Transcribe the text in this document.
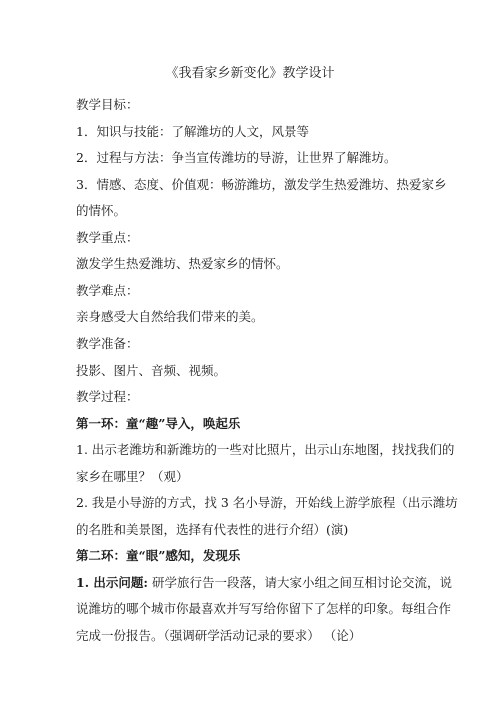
《我看家乡新变化》教学设计
教学目标：
1．知识与技能：了解潍坊的人文，风景等
2．过程与方法：争当宣传潍坊的导游，让世界了解潍坊。
3．情感、态度、价值观：畅游潍坊，激发学生热爱潍坊、热爱家乡
的情怀。
教学重点：
激发学生热爱潍坊、热爱家乡的情怀。
教学难点：
亲身感受大自然给我们带来的美。
教学准备：
投影、图片、音频、视频。
教学过程：
第一环：童“趣”导入，唤起乐
1. 出示老潍坊和新潍坊的一些对比照片，出示山东地图，找找我们的
家乡在哪里？（观）
2. 我是小导游的方式，找 3 名小导游，开始线上游学旅程（出示潍坊
的名胜和美景图，选择有代表性的进行介绍）(演)
第二环：童“眼”感知，发现乐
1. 出示问题: 研学旅行告一段落，请大家小组之间互相讨论交流，说
说潍坊的哪个城市你最喜欢并写写给你留下了怎样的印象。每组合作
完成一份报告。（强调研学活动记录的要求） （论）
